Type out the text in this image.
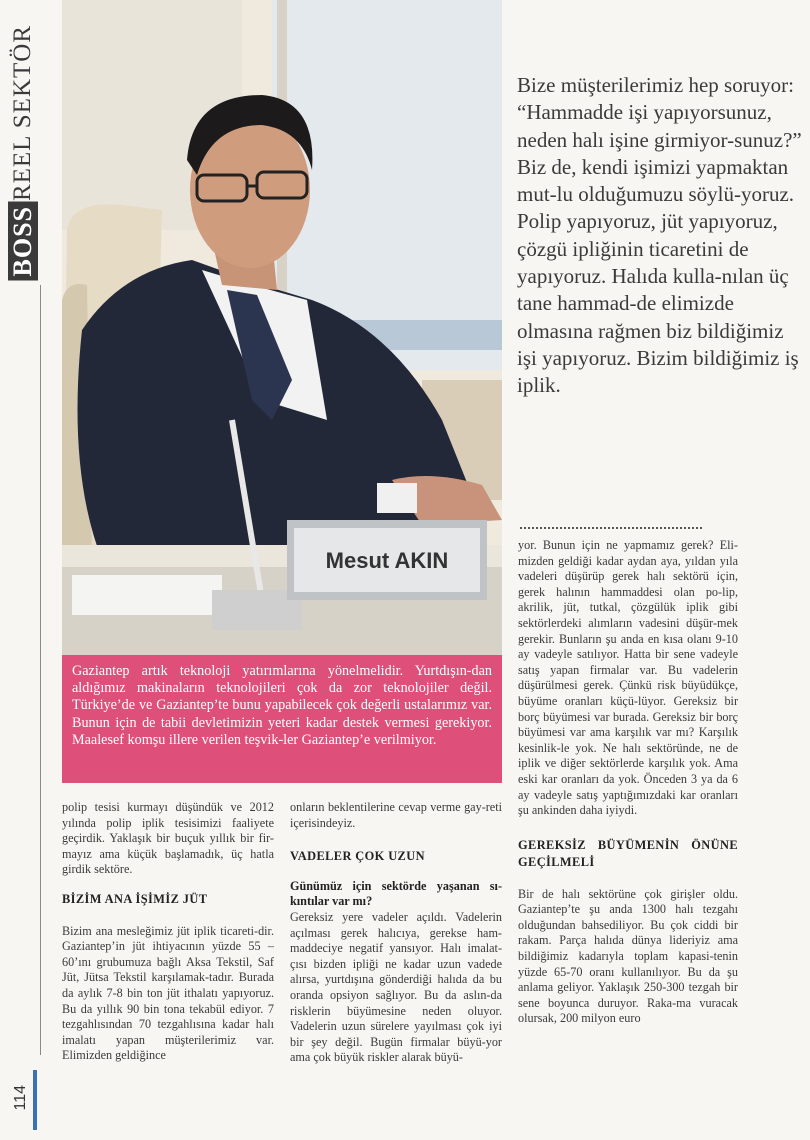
BOSS
REEL SEKTÖR
114
Mesut AKIN
Bize müşterilerimiz hep soruyor: “Hammadde işi yapıyorsunuz, neden halı işine girmiyor-sunuz?” Biz de, kendi işimizi yapmaktan mut-lu olduğumuzu söylü-yoruz. Polip yapıyoruz, jüt yapıyoruz, çözgü ipliğinin ticaretini de yapıyoruz. Halıda kulla-nılan üç tane hammad-de elimizde olmasına rağmen biz bildiğimiz işi yapıyoruz. Bizim bildiğimiz iş iplik.
Gaziantep artık teknoloji yatırımlarına yönelmelidir. Yurtdışın-dan aldığımız makinaların teknolojileri çok da zor teknolojiler değil. Türkiye’de ve Gaziantep’te bunu yapabilecek çok değerli ustalarımız var. Bunun için de tabii devletimizin yeteri kadar destek vermesi gerekiyor. Maalesef komşu illere verilen teşvik-ler Gaziantep’e verilmiyor.

polip tesisi kurmayı düşündük ve 2012 yılında polip iplik tesisimizi faaliyete geçirdik. Yaklaşık bir buçuk yıllık bir fir-mayız ama küçük başlamadık, üç hatla girdik sektöre.

BİZİM ANA İŞİMİZ JÜT

Bizim ana mesleğimiz jüt iplik ticareti-dir. Gaziantep’in jüt ihtiyacının yüzde 55 – 60’ını grubumuza bağlı Aksa Tekstil, Saf Jüt, Jütsa Tekstil karşılamak-tadır. Burada da aylık 7-8 bin ton jüt ithalatı yapıyoruz. Bu da yıllık 90 bin tona tekabül ediyor. 7 tezgahlısından 70 tezgahlısına kadar halı imalatı yapan müşterilerimiz var. Elimizden geldiğince

onların beklentilerine cevap verme gay-reti içerisindeyiz.

VADELER ÇOK UZUN

Günümüz için sektörde yaşanan sı-kıntılar var mı?

Gereksiz yere vadeler açıldı. Vadelerin açılması gerek halıcıya, gerekse ham-maddeciye negatif yansıyor. Halı imalat-çısı bizden ipliği ne kadar uzun vadede alırsa, yurtdışına gönderdiği halıda da bu oranda opsiyon sağlıyor. Bu da aslın-da risklerin büyümesine neden oluyor. Vadelerin uzun sürelere yayılması çok iyi bir şey değil. Bugün firmalar büyü-yor ama çok büyük riskler alarak büyü-

yor. Bunun için ne yapmamız gerek? Eli-mizden geldiği kadar aydan aya, yıldan yıla vadeleri düşürüp gerek halı sektörü için, gerek halının hammaddesi olan po-lip, akrilik, jüt, tutkal, çözgülük iplik gibi sektörlerdeki alımların vadesini düşür-mek gerekir. Bunların şu anda en kısa olanı 9-10 ay vadeyle satılıyor. Hatta bir sene vadeyle satış yapan firmalar var. Bu vadelerin düşürülmesi gerek. Çünkü risk büyüdükçe, büyüme oranları küçü-lüyor. Gereksiz bir borç büyümesi var burada. Gereksiz bir borç büyümesi var ama karşılık var mı? Karşılık kesinlik-le yok. Ne halı sektöründe, ne de iplik ve diğer sektörlerde karşılık yok. Ama eski kar oranları da yok. Önceden 3 ya da 6 ay vadeyle satış yaptığımızdaki kar oranları şu ankinden daha iyiydi.

GEREKSİZ BÜYÜMENİN ÖNÜNE GEÇİLMELİ

Bir de halı sektörüne çok girişler oldu. Gaziantep’te şu anda 1300 halı tezgahı olduğundan bahsediliyor. Bu çok ciddi bir rakam. Parça halıda dünya lideriyiz ama bildiğimiz kadarıyla toplam kapasi-tenin yüzde 65-70 oranı kullanılıyor. Bu da şu anlama geliyor. Yaklaşık 250-300 tezgah bir sene boyunca duruyor. Raka-ma vuracak olursak, 200 milyon euro
